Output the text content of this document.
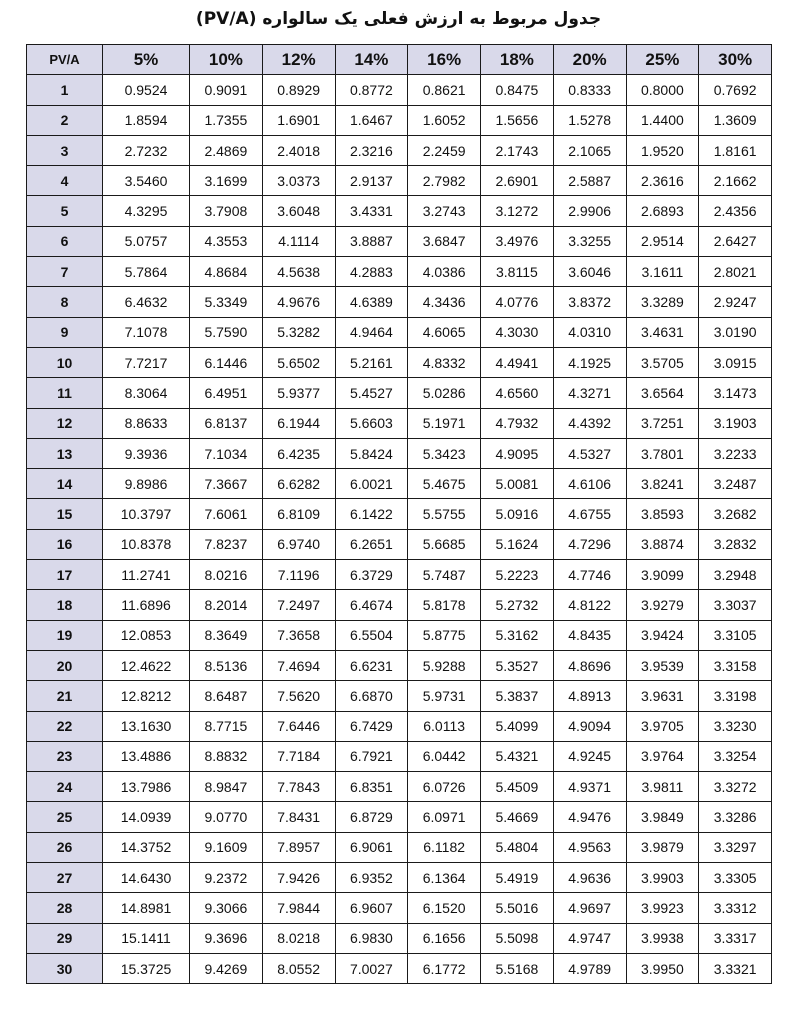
جدول مربوط به ارزش فعلی یک سالواره (PV/A)
PV/A	5%	10%	12%	14%	16%	18%	20%	25%	30%
1	0.9524	0.9091	0.8929	0.8772	0.8621	0.8475	0.8333	0.8000	0.7692
2	1.8594	1.7355	1.6901	1.6467	1.6052	1.5656	1.5278	1.4400	1.3609
3	2.7232	2.4869	2.4018	2.3216	2.2459	2.1743	2.1065	1.9520	1.8161
4	3.5460	3.1699	3.0373	2.9137	2.7982	2.6901	2.5887	2.3616	2.1662
5	4.3295	3.7908	3.6048	3.4331	3.2743	3.1272	2.9906	2.6893	2.4356
6	5.0757	4.3553	4.1114	3.8887	3.6847	3.4976	3.3255	2.9514	2.6427
7	5.7864	4.8684	4.5638	4.2883	4.0386	3.8115	3.6046	3.1611	2.8021
8	6.4632	5.3349	4.9676	4.6389	4.3436	4.0776	3.8372	3.3289	2.9247
9	7.1078	5.7590	5.3282	4.9464	4.6065	4.3030	4.0310	3.4631	3.0190
10	7.7217	6.1446	5.6502	5.2161	4.8332	4.4941	4.1925	3.5705	3.0915
11	8.3064	6.4951	5.9377	5.4527	5.0286	4.6560	4.3271	3.6564	3.1473
12	8.8633	6.8137	6.1944	5.6603	5.1971	4.7932	4.4392	3.7251	3.1903
13	9.3936	7.1034	6.4235	5.8424	5.3423	4.9095	4.5327	3.7801	3.2233
14	9.8986	7.3667	6.6282	6.0021	5.4675	5.0081	4.6106	3.8241	3.2487
15	10.3797	7.6061	6.8109	6.1422	5.5755	5.0916	4.6755	3.8593	3.2682
16	10.8378	7.8237	6.9740	6.2651	5.6685	5.1624	4.7296	3.8874	3.2832
17	11.2741	8.0216	7.1196	6.3729	5.7487	5.2223	4.7746	3.9099	3.2948
18	11.6896	8.2014	7.2497	6.4674	5.8178	5.2732	4.8122	3.9279	3.3037
19	12.0853	8.3649	7.3658	6.5504	5.8775	5.3162	4.8435	3.9424	3.3105
20	12.4622	8.5136	7.4694	6.6231	5.9288	5.3527	4.8696	3.9539	3.3158
21	12.8212	8.6487	7.5620	6.6870	5.9731	5.3837	4.8913	3.9631	3.3198
22	13.1630	8.7715	7.6446	6.7429	6.0113	5.4099	4.9094	3.9705	3.3230
23	13.4886	8.8832	7.7184	6.7921	6.0442	5.4321	4.9245	3.9764	3.3254
24	13.7986	8.9847	7.7843	6.8351	6.0726	5.4509	4.9371	3.9811	3.3272
25	14.0939	9.0770	7.8431	6.8729	6.0971	5.4669	4.9476	3.9849	3.3286
26	14.3752	9.1609	7.8957	6.9061	6.1182	5.4804	4.9563	3.9879	3.3297
27	14.6430	9.2372	7.9426	6.9352	6.1364	5.4919	4.9636	3.9903	3.3305
28	14.8981	9.3066	7.9844	6.9607	6.1520	5.5016	4.9697	3.9923	3.3312
29	15.1411	9.3696	8.0218	6.9830	6.1656	5.5098	4.9747	3.9938	3.3317
30	15.3725	9.4269	8.0552	7.0027	6.1772	5.5168	4.9789	3.9950	3.3321
